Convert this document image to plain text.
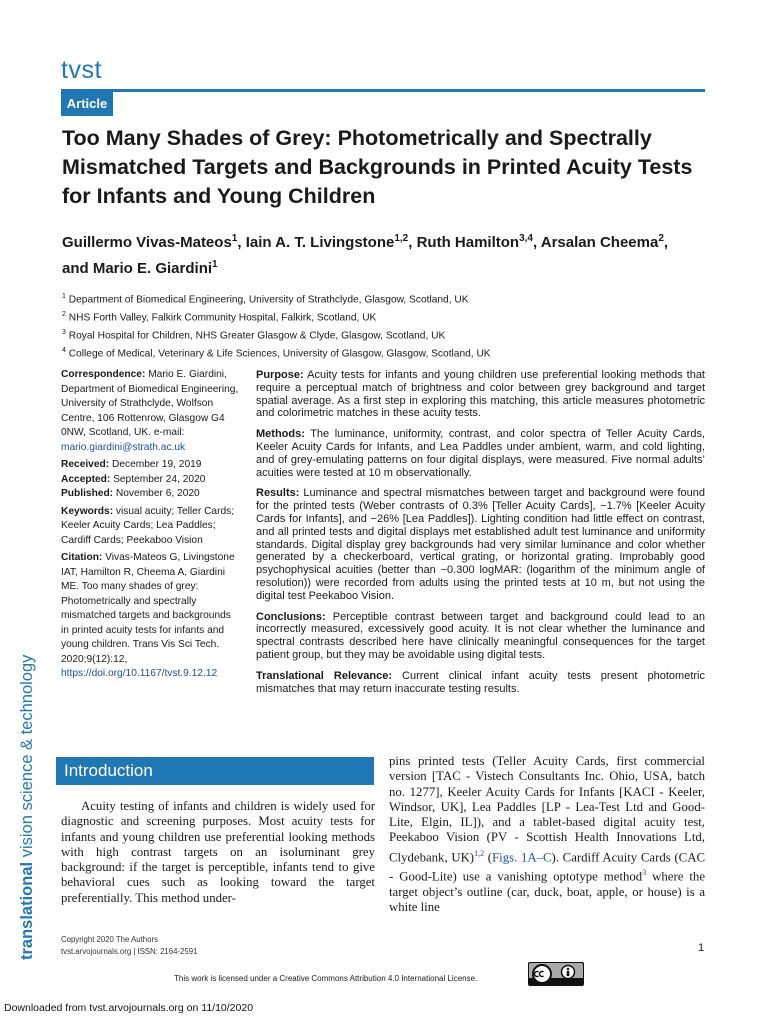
tvst
Article
Too Many Shades of Grey: Photometrically and Spectrally Mismatched Targets and Backgrounds in Printed Acuity Tests for Infants and Young Children
Guillermo Vivas-Mateos$^1$, Iain A. T. Livingstone$^{1,2}$, Ruth Hamilton$^{3,4}$, Arsalan Cheema$^2$,
and Mario E. Giardini$^1$
$^1$ Department of Biomedical Engineering, University of Strathclyde, Glasgow, Scotland, UK
$^2$ NHS Forth Valley, Falkirk Community Hospital, Falkirk, Scotland, UK
$^3$ Royal Hospital for Children, NHS Greater Glasgow & Clyde, Glasgow, Scotland, UK
$^4$ College of Medical, Veterinary & Life Sciences, University of Glasgow, Glasgow, Scotland, UK

Correspondence: Mario E. Giardini, Department of Biomedical Engineering, University of Strathclyde, Wolfson Centre, 106 Rottenrow, Glasgow G4 0NW, Scotland, UK. e-mail:
mario.giardini@strath.ac.uk

Received: December 19, 2019
Accepted: September 24, 2020
Published: November 6, 2020

Keywords: visual acuity; Teller Cards; Keeler Acuity Cards; Lea Paddles; Cardiff Cards; Peekaboo Vision

Citation: Vivas-Mateos G, Livingstone IAT, Hamilton R, Cheema A, Giardini ME. Too many shades of grey: Photometrically and spectrally mismatched targets and backgrounds in printed acuity tests for infants and young children. Trans Vis Sci Tech. 2020;9(12):12,
https://doi.org/10.1167/tvst.9.12.12

Purpose: Acuity tests for infants and young children use preferential looking methods that require a perceptual match of brightness and color between grey background and target spatial average. As a first step in exploring this matching, this article measures photometric and colorimetric matches in these acuity tests.

Methods: The luminance, uniformity, contrast, and color spectra of Teller Acuity Cards, Keeler Acuity Cards for Infants, and Lea Paddles under ambient, warm, and cold lighting, and of grey-emulating patterns on four digital displays, were measured. Five normal adults’ acuities were tested at 10 m observationally.

Results: Luminance and spectral mismatches between target and background were found for the printed tests (Weber contrasts of 0.3% [Teller Acuity Cards], −1.7% [Keeler Acuity Cards for Infants], and −26% [Lea Paddles]). Lighting condition had little effect on contrast, and all printed tests and digital displays met established adult test luminance and uniformity standards. Digital display grey backgrounds had very similar luminance and color whether generated by a checkerboard, vertical grating, or horizontal grating. Improbably good psychophysical acuities (better than −0.300 logMAR: (logarithm of the minimum angle of resolution)) were recorded from adults using the printed tests at 10 m, but not using the digital test Peekaboo Vision.

Conclusions: Perceptible contrast between target and background could lead to an incorrectly measured, excessively good acuity. It is not clear whether the luminance and spectral contrasts described here have clinically meaningful consequences for the target patient group, but they may be avoidable using digital tests.

Translational Relevance: Current clinical infant acuity tests present photometric mismatches that may return inaccurate testing results.

translational vision science & technology Introduction
Acuity testing of infants and children is widely used for diagnostic and screening purposes. Most acuity tests for infants and young children use preferential looking methods with high contrast targets on an isoluminant grey background: if the target is perceptible, infants tend to give behavioral cues such as looking toward the target preferentially. This method under-
pins printed tests (Teller Acuity Cards, first commercial version [TAC - Vistech Consultants Inc. Ohio, USA, batch no. 1277], Keeler Acuity Cards for Infants [KACI - Keeler, Windsor, UK], Lea Paddles [LP - Lea-Test Ltd and Good-Lite, Elgin, IL]), and a tablet-based digital acuity test, Peekaboo Vision (PV - Scottish Health Innovations Ltd, Clydebank, UK)$^{1,2}$ (Figs. 1A–C). Cardiff Acuity Cards (CAC - Good-Lite) use a vanishing optotype method$^3$ where the target object’s outline (car, duck, boat, apple, or house) is a white line
Copyright 2020 The Authors
tvst.arvojournals.org | ISSN: 2164-2591	1
This work is licensed under a Creative Commons Attribution 4.0 International License.
Downloaded from tvst.arvojournals.org on 11/10/2020
